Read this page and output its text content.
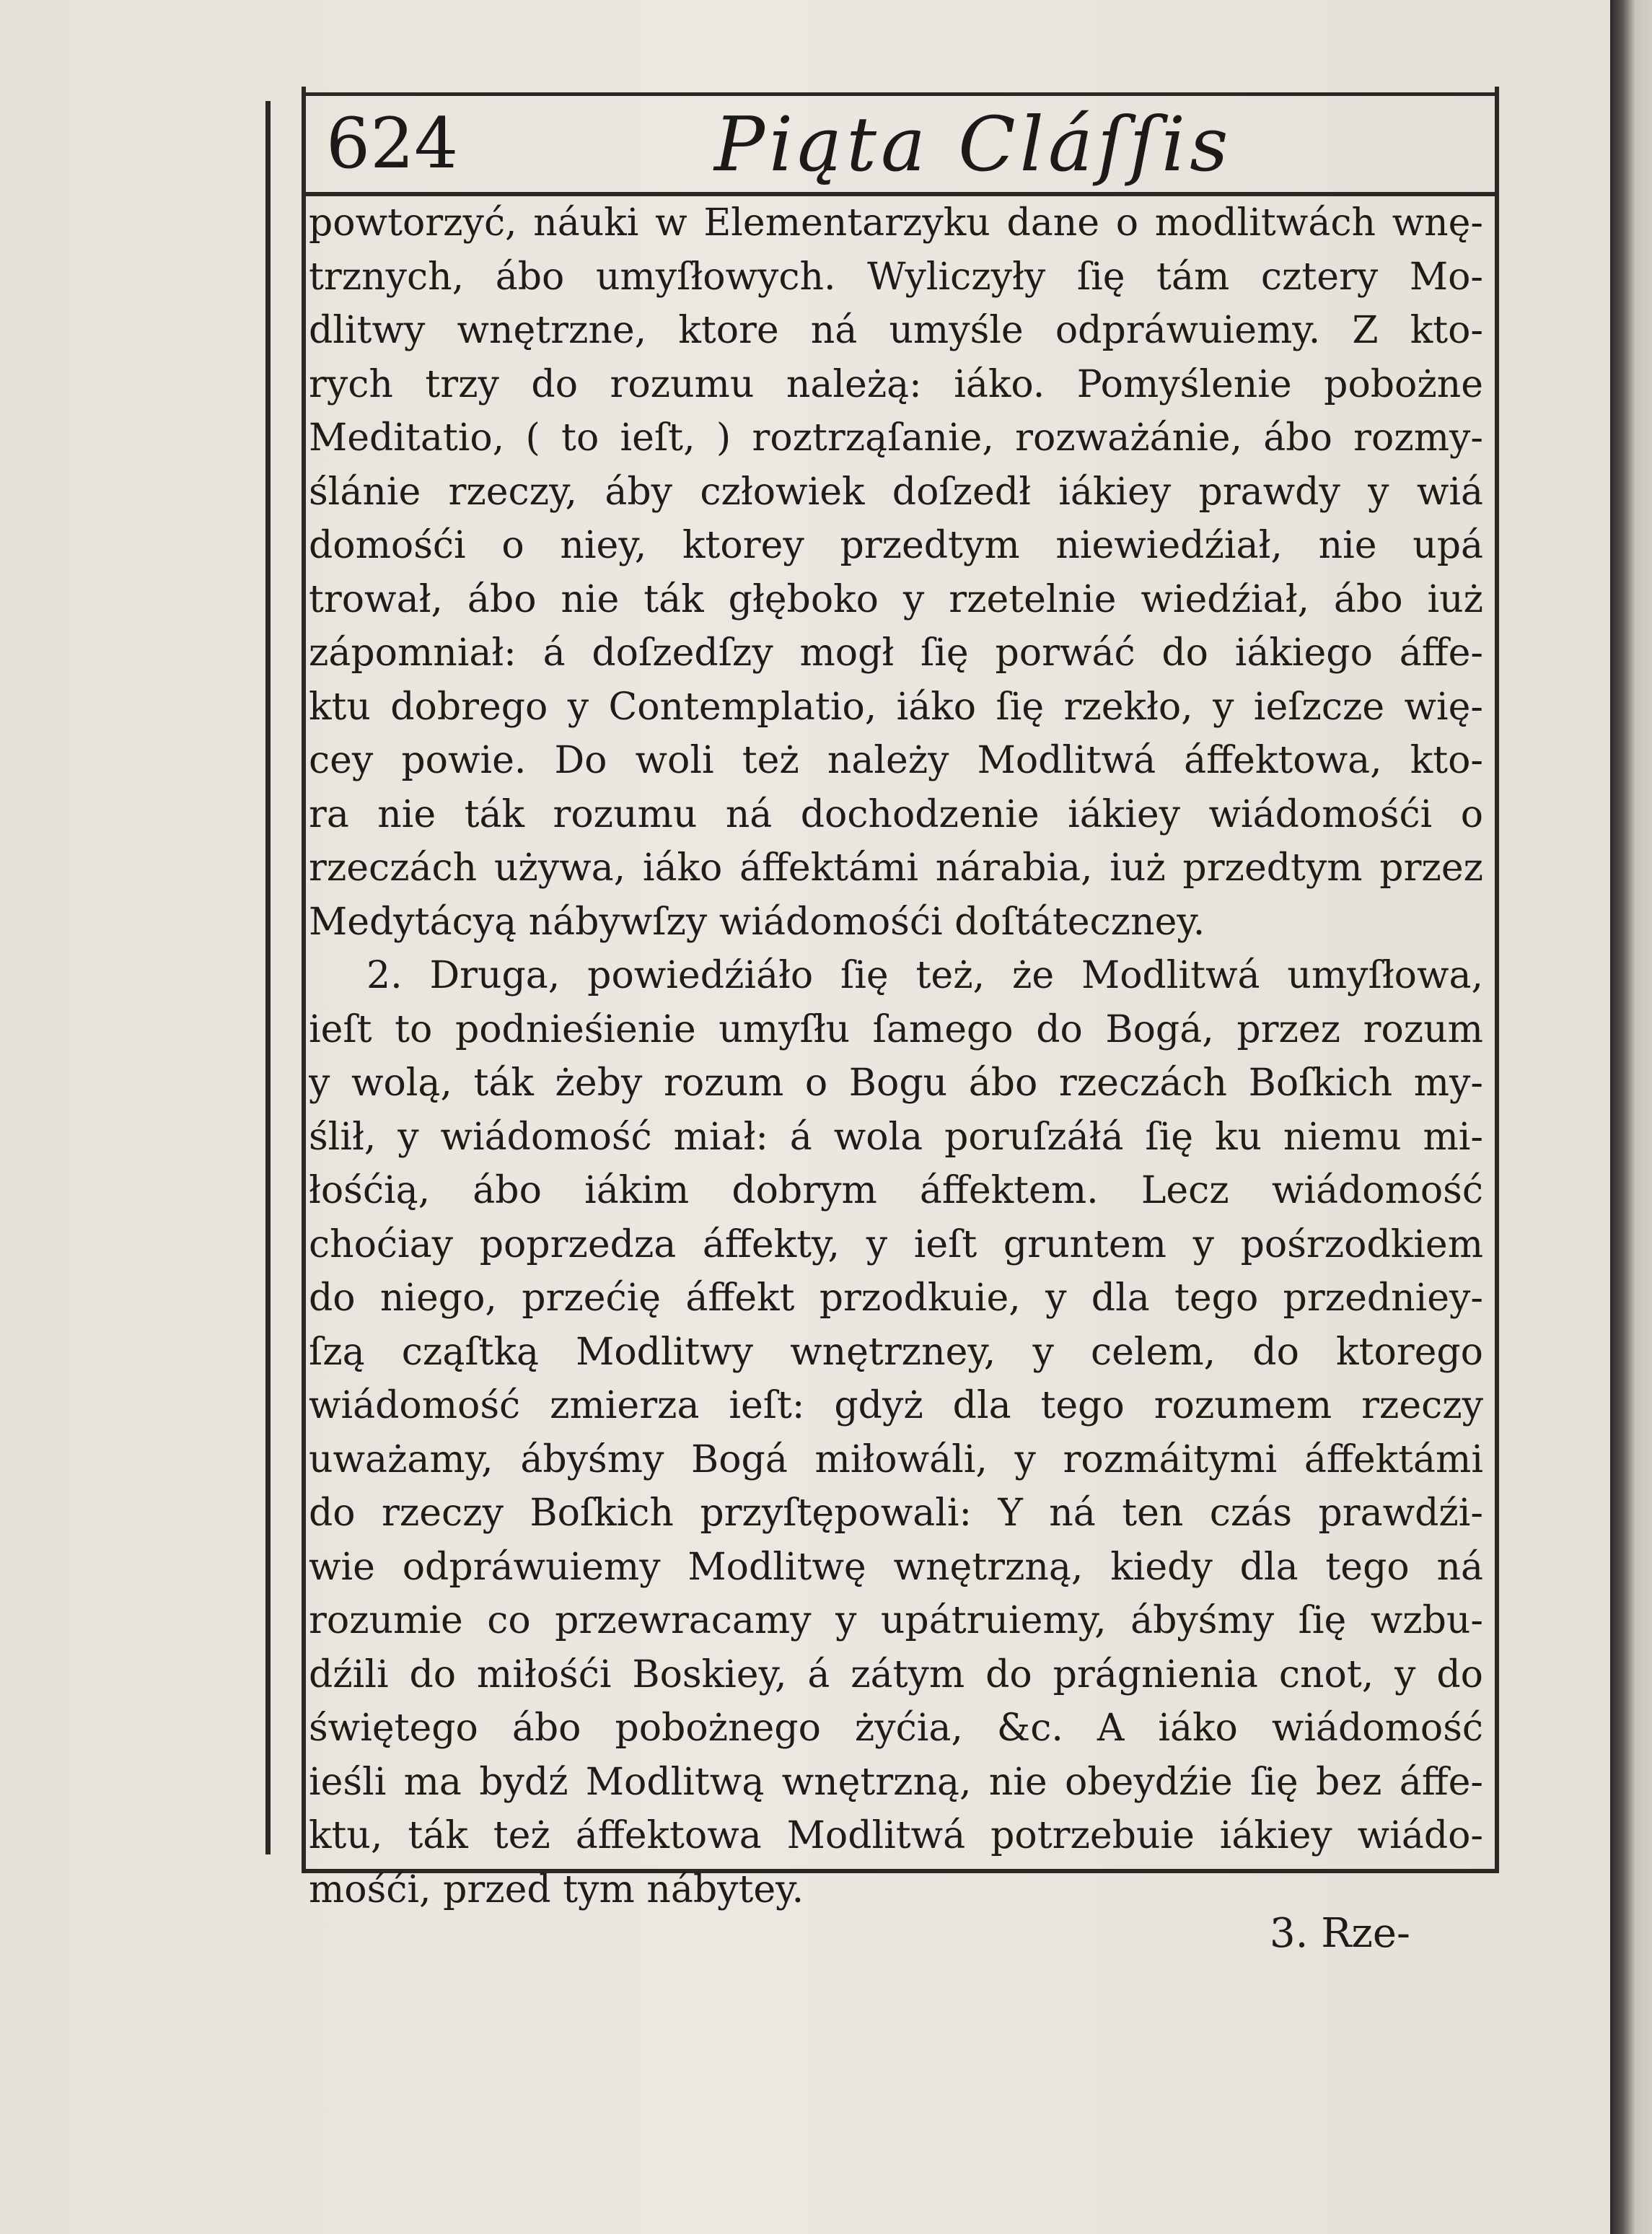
624	Piąta Cláſſis
powtorzyć, náuki w Elementarzyku dane o modlitwách wnę-
trznych, ábo umyſłowych. Wyliczyły ſię tám cztery Mo-
dlitwy wnętrzne, ktore ná umyśle odpráwuiemy. Z kto-
rych trzy do rozumu należą: iáko. Pomyślenie pobożne
Meditatio, ( to ieſt, ) roztrząſanie, rozważánie, ábo rozmy-
ślánie rzeczy, áby człowiek doſzedł iákiey prawdy y wiá
domośći o niey, ktorey przedtym niewiedźiał, nie upá
trował, ábo nie ták głęboko y rzetelnie wiedźiał, ábo iuż
zápomniał: á doſzedſzy mogł ſię porwáć do iákiego áffe-
ktu dobrego y Contemplatio, iáko ſię rzekło, y ieſzcze wię-
cey powie. Do woli też należy Modlitwá áffektowa, kto-
ra nie ták rozumu ná dochodzenie iákiey wiádomośći o
rzeczách używa, iáko áffektámi nárabia, iuż przedtym przez
Medytácyą nábywſzy wiádomośći doſtáteczney.
2. Druga, powiedźiáło ſię też, że Modlitwá umyſłowa,
ieſt to podnieśienie umyſłu ſamego do Bogá, przez rozum
y wolą, ták żeby rozum o Bogu ábo rzeczách Boſkich my-
ślił, y wiádomość miał: á wola poruſzáłá ſię ku niemu mi-
łośćią, ábo iákim dobrym áffektem. Lecz wiádomość
choćiay poprzedza áffekty, y ieſt gruntem y pośrzodkiem
do niego, przećię áffekt przodkuie, y dla tego przedniey-
ſzą cząſtką Modlitwy wnętrzney, y celem, do ktorego
wiádomość zmierza ieſt: gdyż dla tego rozumem rzeczy
uważamy, ábyśmy Bogá miłowáli, y rozmáitymi áffektámi
do rzeczy Boſkich przyſtępowali: Y ná ten czás prawdźi-
wie odpráwuiemy Modlitwę wnętrzną, kiedy dla tego ná
rozumie co przewracamy y upátruiemy, ábyśmy ſię wzbu-
dźili do miłośći Boskiey, á zátym do prágnienia cnot, y do
świętego ábo pobożnego żyćia, &c. A iáko wiádomość
ieśli ma bydź Modlitwą wnętrzną, nie obeydźie ſię bez áffe-
ktu, ták też áffektowa Modlitwá potrzebuie iákiey wiádo-
mośći, przed tym nábytey.
3. Rze-
